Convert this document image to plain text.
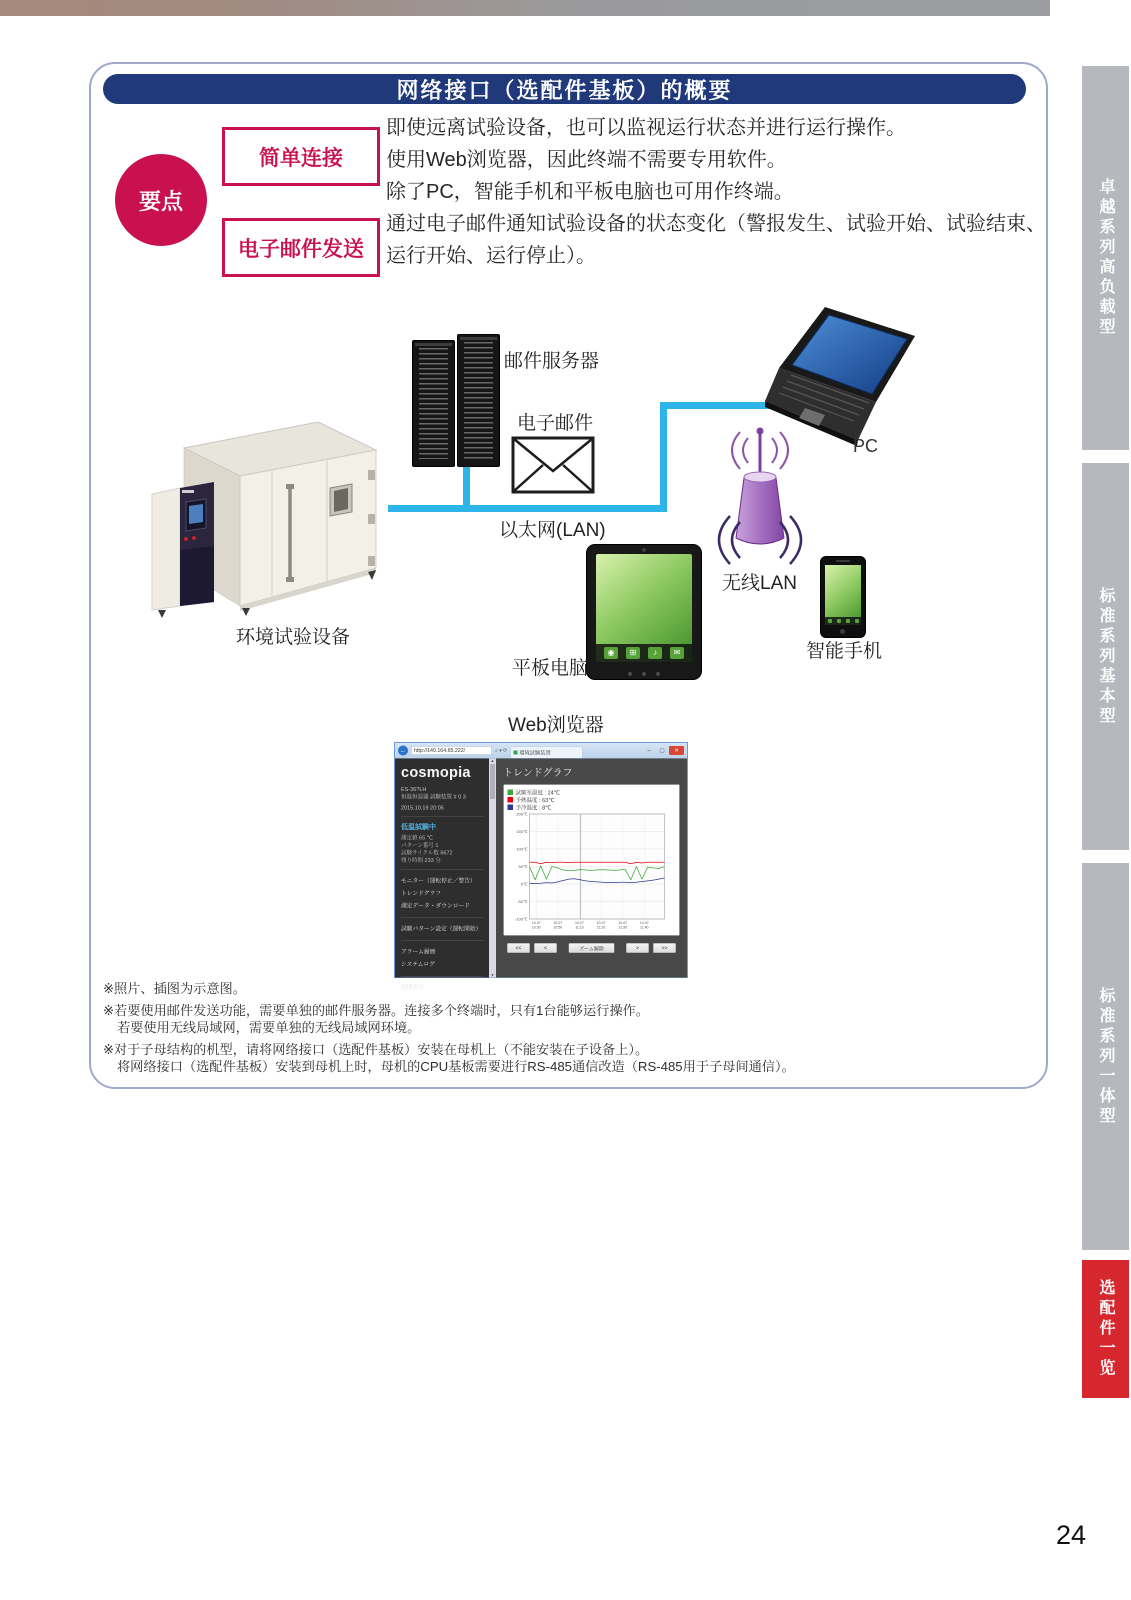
网络接口（选配件基板）的概要
要点
简单连接
即使远离试验设备，也可以监视运行状态并进行运行操作。
使用Web浏览器，因此终端不需要专用软件。
除了PC，智能手机和平板电脑也可用作终端。
电子邮件发送
通过电子邮件通知试验设备的状态变化（警报发生、试验开始、试验结束、
运行开始、运行停止）。
环境试验设备
邮件服务器
电子邮件
以太网(LAN)
PC
无线LAN
◉	⊞	♪	✉
平板电脑
智能手机
Web浏览器
← http://140.164.65.222/	⌕ ▾ ⟳ 環境試験装置	– ▢ ✕
cosmopia
ES-36?LH
恒温恒湿器 試験装置 # 0 3
2015.10.19 20:05
低温試験中
測定値 65 ℃
パターン番号 1
試験サイクル数 6672
残り時間 233 分
モニター（運転停止／警告）
トレンドグラフ
測定データ・ダウンロード
試験パターン設定（運転開始）
アラーム履歴
システムログ
初期設定
▲
▼
トレンドグラフ
試験室温度 : 24℃
予熱温度 : 63℃
予冷温度 : 8℃
200℃
150℃
100℃
50℃
0℃
-50℃
-100℃
10-07
10:30
10-07
10:50
10-07
11:10
10-07
11:20
10-07
11:30
10-07
11:40
<<	<	ズーム解除	>	>>
※照片、插图为示意图。
※若要使用邮件发送功能，需要单独的邮件服务器。连接多个终端时，只有1台能够运行操作。
若要使用无线局域网，需要单独的无线局域网环境。
※对于子母结构的机型，请将网络接口（选配件基板）安装在母机上（不能安装在子设备上）。
将网络接口（选配件基板）安装到母机上时，母机的CPU基板需要进行RS-485通信改造（RS-485用于子母间通信）。
卓越系列高负载型
标准系列基本型
标准系列一体型
选配件一览
24
